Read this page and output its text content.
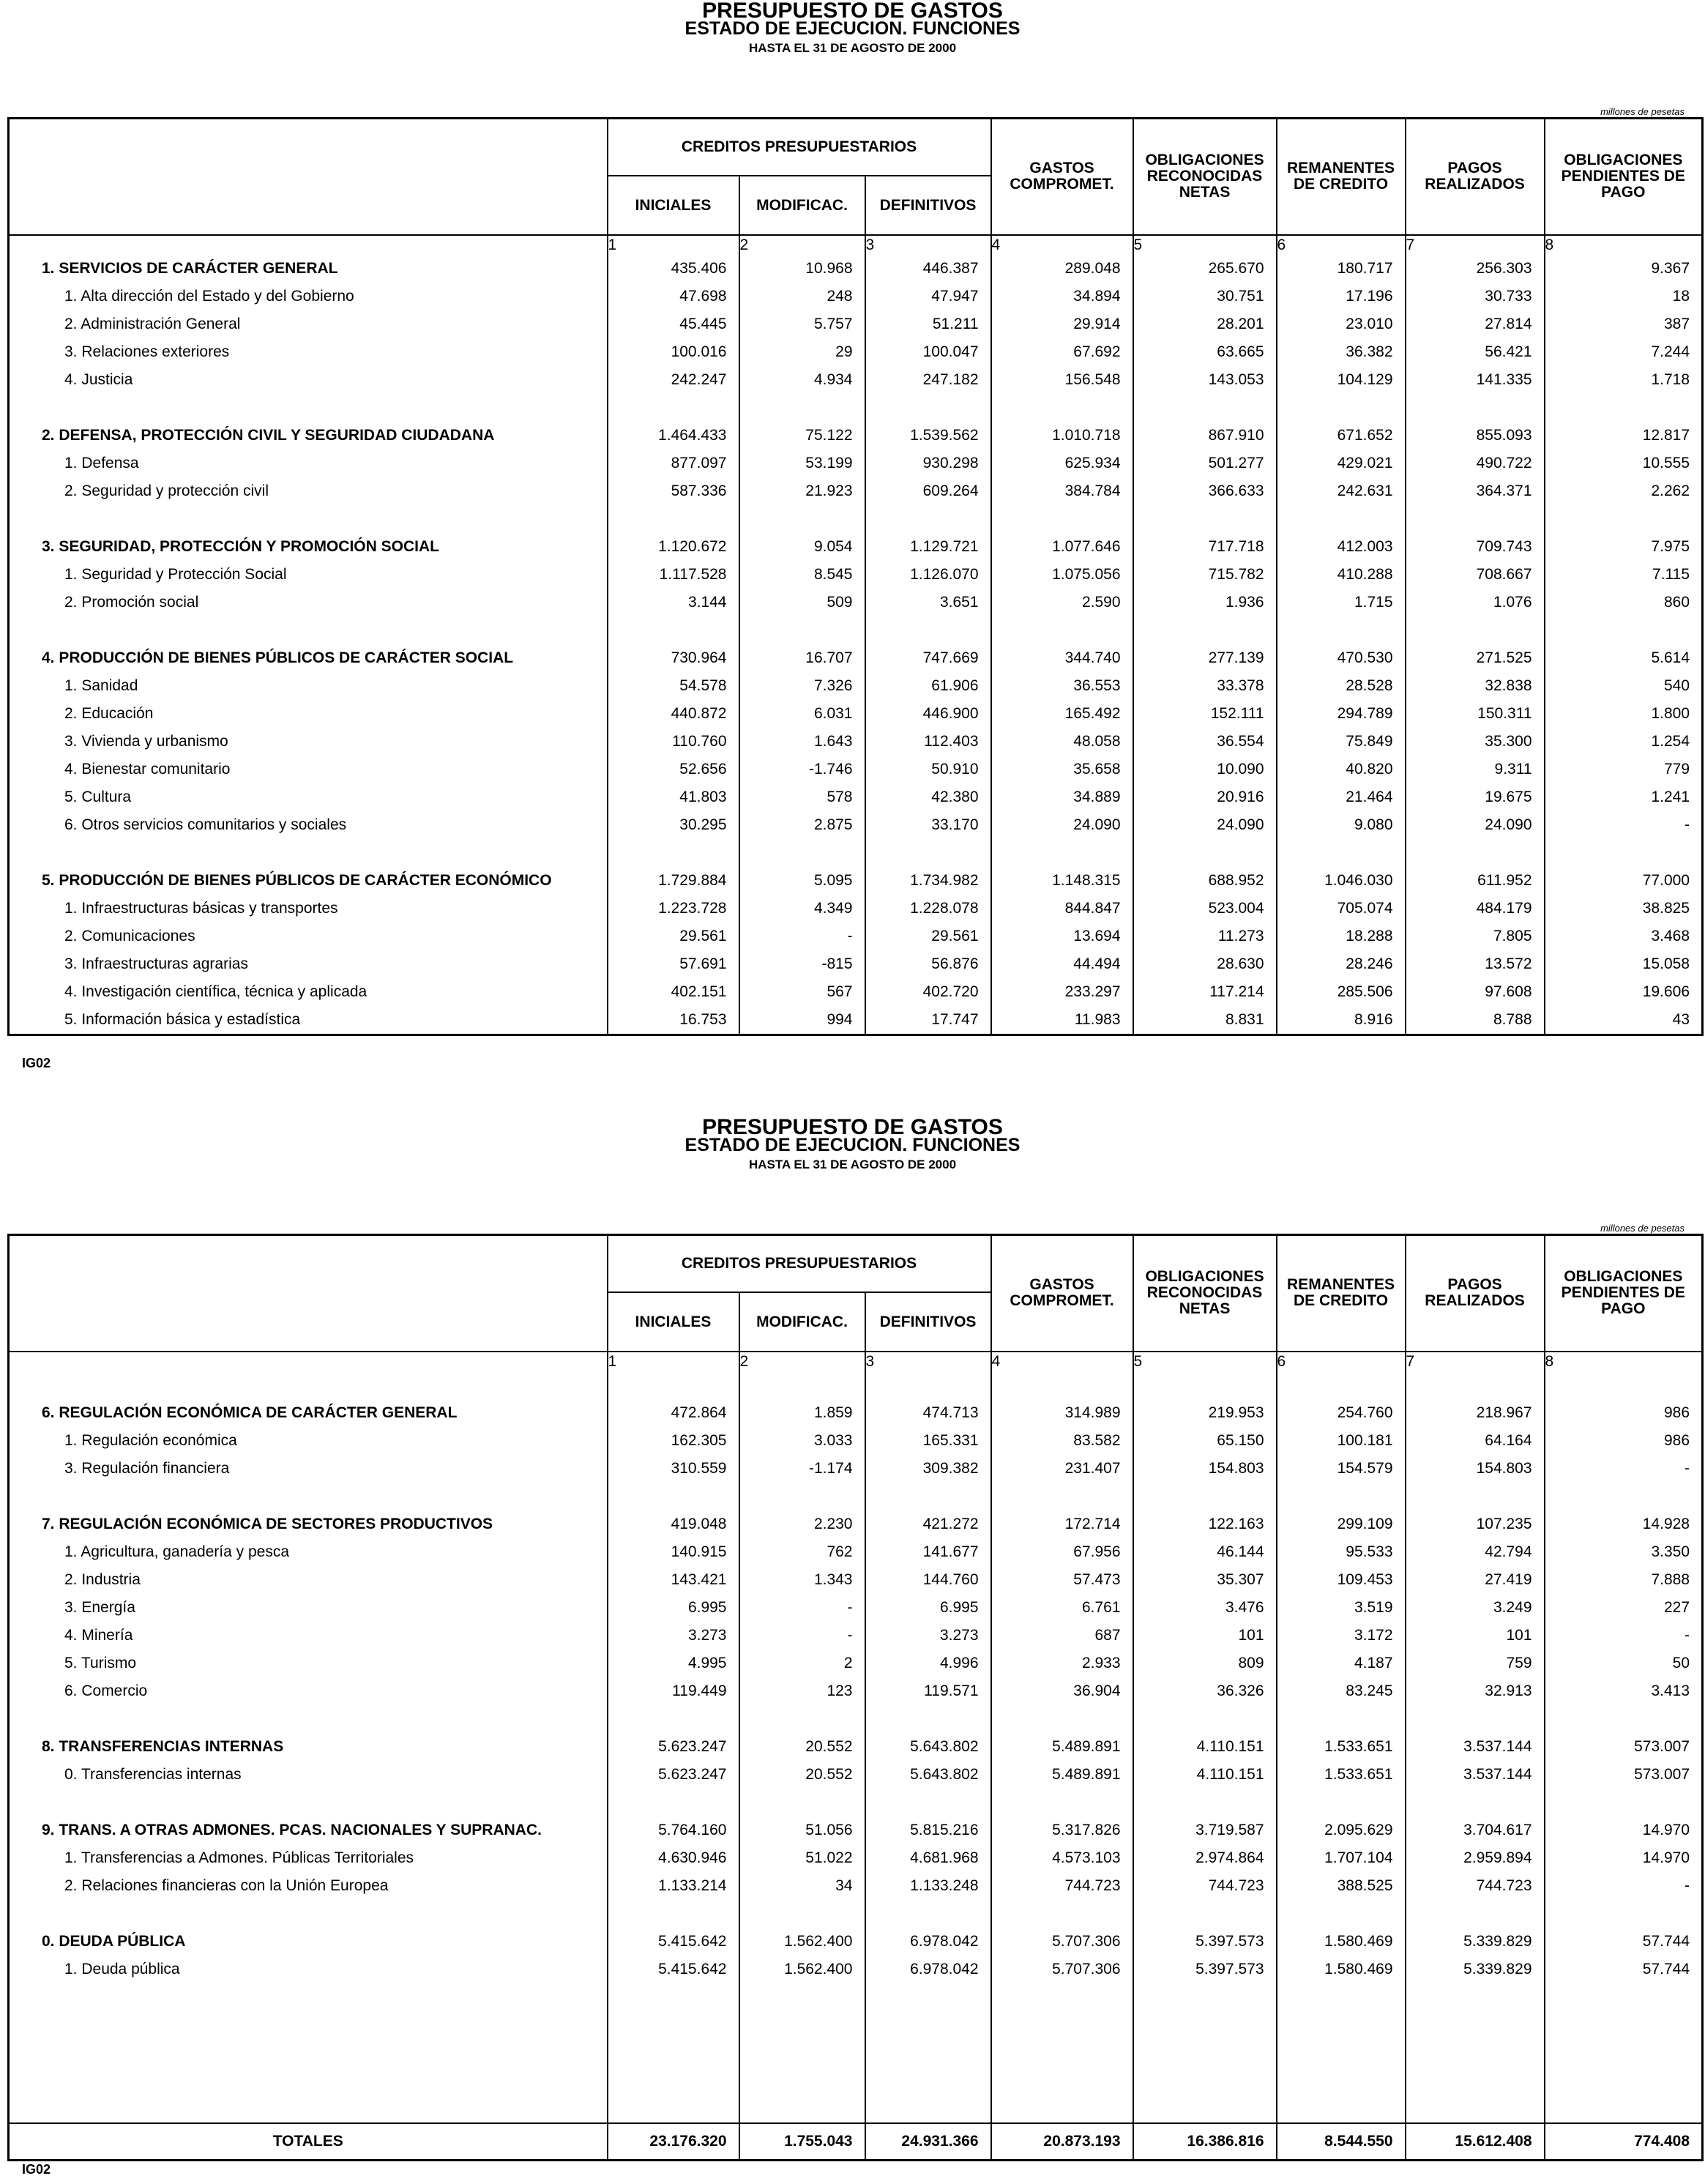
PRESUPUESTO DE GASTOS
ESTADO DE EJECUCION. FUNCIONES
HASTA EL 31 DE AGOSTO DE 2000
millones de pesetas
	CREDITOS PRESUPUESTARIOS			GASTOS COMPROMET.	OBLIGACIONES RECONOCIDAS NETAS	REMANENTES DE CREDITO	PAGOS REALIZADOS	OBLIGACIONES PENDIENTES DE PAGO
	INICIALES	MODIFICAC.	DEFINITIVOS					
	1	2	3	4	5	6	7	8
1. SERVICIOS DE CARÁCTER GENERAL	435.406	10.968	446.387	289.048	265.670	180.717	256.303	9.367
1. Alta dirección del Estado y del Gobierno	47.698	248	47.947	34.894	30.751	17.196	30.733	18
2. Administración General	45.445	5.757	51.211	29.914	28.201	23.010	27.814	387
3. Relaciones exteriores	100.016	29	100.047	67.692	63.665	36.382	56.421	7.244
4. Justicia	242.247	4.934	247.182	156.548	143.053	104.129	141.335	1.718

2. DEFENSA, PROTECCIÓN CIVIL Y SEGURIDAD CIUDADANA	1.464.433	75.122	1.539.562	1.010.718	867.910	671.652	855.093	12.817
1. Defensa	877.097	53.199	930.298	625.934	501.277	429.021	490.722	10.555
2. Seguridad y protección civil	587.336	21.923	609.264	384.784	366.633	242.631	364.371	2.262

3. SEGURIDAD, PROTECCIÓN Y PROMOCIÓN SOCIAL	1.120.672	9.054	1.129.721	1.077.646	717.718	412.003	709.743	7.975
1. Seguridad y Protección Social	1.117.528	8.545	1.126.070	1.075.056	715.782	410.288	708.667	7.115
2. Promoción social	3.144	509	3.651	2.590	1.936	1.715	1.076	860

4. PRODUCCIÓN DE BIENES PÚBLICOS DE CARÁCTER SOCIAL	730.964	16.707	747.669	344.740	277.139	470.530	271.525	5.614
1. Sanidad	54.578	7.326	61.906	36.553	33.378	28.528	32.838	540
2. Educación	440.872	6.031	446.900	165.492	152.111	294.789	150.311	1.800
3. Vivienda y urbanismo	110.760	1.643	112.403	48.058	36.554	75.849	35.300	1.254
4. Bienestar comunitario	52.656	-1.746	50.910	35.658	10.090	40.820	9.311	779
5. Cultura	41.803	578	42.380	34.889	20.916	21.464	19.675	1.241
6. Otros servicios comunitarios y sociales	30.295	2.875	33.170	24.090	24.090	9.080	24.090	-

5. PRODUCCIÓN DE BIENES PÚBLICOS DE CARÁCTER ECONÓMICO	1.729.884	5.095	1.734.982	1.148.315	688.952	1.046.030	611.952	77.000
1. Infraestructuras básicas y transportes	1.223.728	4.349	1.228.078	844.847	523.004	705.074	484.179	38.825
2. Comunicaciones	29.561	-	29.561	13.694	11.273	18.288	7.805	3.468
3. Infraestructuras agrarias	57.691	-815	56.876	44.494	28.630	28.246	13.572	15.058
4. Investigación científica, técnica y aplicada	402.151	567	402.720	233.297	117.214	285.506	97.608	19.606
5. Información básica y estadística	16.753	994	17.747	11.983	8.831	8.916	8.788	43
IG02
PRESUPUESTO DE GASTOS
ESTADO DE EJECUCION. FUNCIONES
HASTA EL 31 DE AGOSTO DE 2000
millones de pesetas
	CREDITOS PRESUPUESTARIOS			GASTOS COMPROMET.	OBLIGACIONES RECONOCIDAS NETAS	REMANENTES DE CREDITO	PAGOS REALIZADOS	OBLIGACIONES PENDIENTES DE PAGO
	INICIALES	MODIFICAC.	DEFINITIVOS					
	1	2	3	4	5	6	7	8

6. REGULACIÓN ECONÓMICA DE CARÁCTER GENERAL	472.864	1.859	474.713	314.989	219.953	254.760	218.967	986
1. Regulación económica	162.305	3.033	165.331	83.582	65.150	100.181	64.164	986
3. Regulación financiera	310.559	-1.174	309.382	231.407	154.803	154.579	154.803	-

7. REGULACIÓN ECONÓMICA DE SECTORES PRODUCTIVOS	419.048	2.230	421.272	172.714	122.163	299.109	107.235	14.928
1. Agricultura, ganadería y pesca	140.915	762	141.677	67.956	46.144	95.533	42.794	3.350
2. Industria	143.421	1.343	144.760	57.473	35.307	109.453	27.419	7.888
3. Energía	6.995	-	6.995	6.761	3.476	3.519	3.249	227
4. Minería	3.273	-	3.273	687	101	3.172	101	-
5. Turismo	4.995	2	4.996	2.933	809	4.187	759	50
6. Comercio	119.449	123	119.571	36.904	36.326	83.245	32.913	3.413

8. TRANSFERENCIAS INTERNAS	5.623.247	20.552	5.643.802	5.489.891	4.110.151	1.533.651	3.537.144	573.007
0. Transferencias internas	5.623.247	20.552	5.643.802	5.489.891	4.110.151	1.533.651	3.537.144	573.007

9. TRANS. A OTRAS ADMONES. PCAS. NACIONALES Y SUPRANAC.	5.764.160	51.056	5.815.216	5.317.826	3.719.587	2.095.629	3.704.617	14.970
1. Transferencias a Admones. Públicas Territoriales	4.630.946	51.022	4.681.968	4.573.103	2.974.864	1.707.104	2.959.894	14.970
2. Relaciones financieras con la Unión Europea	1.133.214	34	1.133.248	744.723	744.723	388.525	744.723	-

0. DEUDA PÚBLICA	5.415.642	1.562.400	6.978.042	5.707.306	5.397.573	1.580.469	5.339.829	57.744
1. Deuda pública	5.415.642	1.562.400	6.978.042	5.707.306	5.397.573	1.580.469	5.339.829	57.744

TOTALES	23.176.320	1.755.043	24.931.366	20.873.193	16.386.816	8.544.550	15.612.408	774.408
IG02
